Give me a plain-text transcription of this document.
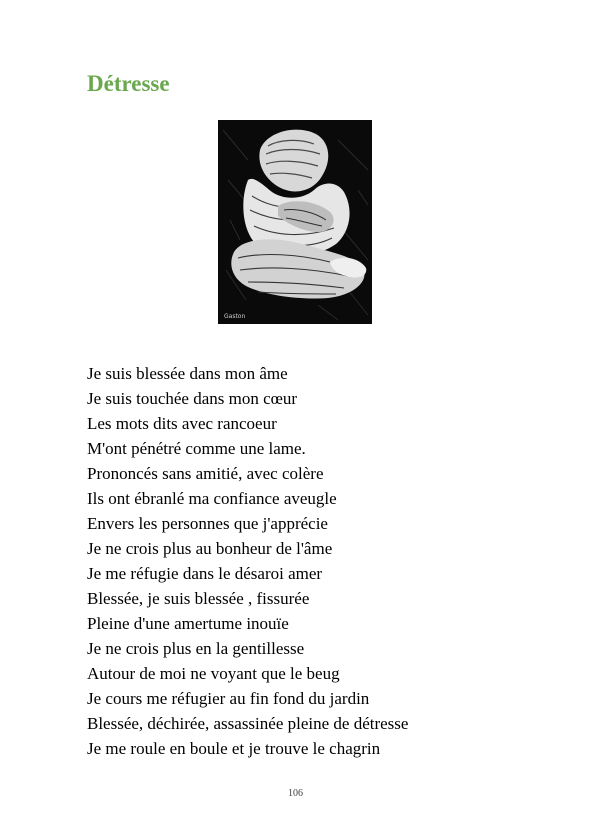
Détresse
Gaston
Je suis blessée dans mon âme
Je suis touchée dans mon cœur
Les mots dits avec rancoeur
M'ont pénétré comme une lame.
Prononcés sans amitié, avec colère
Ils ont ébranlé ma confiance aveugle
Envers les personnes que j'apprécie
Je ne crois plus au bonheur de l'âme
Je me réfugie dans le désaroi amer
Blessée, je suis blessée , fissurée
Pleine d'une amertume inouïe
Je ne crois plus en la gentillesse
Autour de moi ne voyant que le beug
Je cours me réfugier au fin fond du jardin
Blessée, déchirée, assassinée pleine de détresse
Je me roule en boule et je trouve le chagrin
106
